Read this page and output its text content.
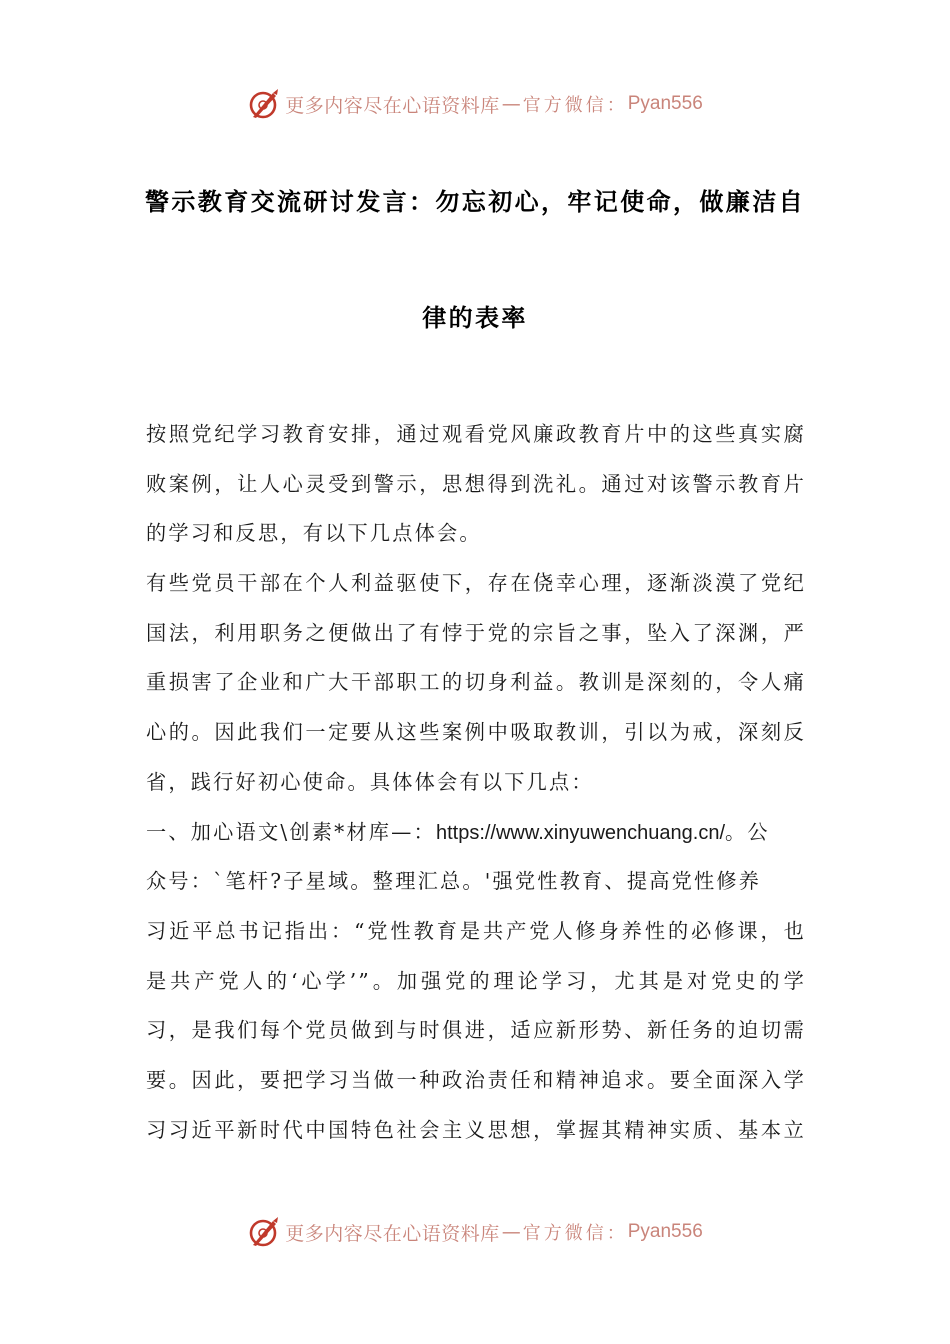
更多内容尽在心语资料库 — 官方微信： Pyan556
警示教育交流研讨发言：勿忘初心，牢记使命，做廉洁自
律的表率
按照党纪学习教育安排，通过观看党风廉政教育片中的这些真实腐
败案例，让人心灵受到警示，思想得到洗礼。通过对该警示教育片
的学习和反思，有以下几点体会。
有些党员干部在个人利益驱使下，存在侥幸心理，逐渐淡漠了党纪
国法，利用职务之便做出了有悖于党的宗旨之事，坠入了深渊，严
重损害了企业和广大干部职工的切身利益。教训是深刻的，令人痛
心的。因此我们一定要从这些案例中吸取教训，引以为戒，深刻反
省，践行好初心使命。具体体会有以下几点：
一、加心语文\创素*材库—：https://www.xinyuwenchuang.cn/。公
众号：`笔杆?子星域。整理汇总。'强党性教育、提高党性修养
习近平总书记指出：“党性教育是共产党人修身养性的必修课，也
是共产党人的‘心学’”。加强党的理论学习，尤其是对党史的学
习，是我们每个党员做到与时俱进，适应新形势、新任务的迫切需
要。因此，要把学习当做一种政治责任和精神追求。要全面深入学
习习近平新时代中国特色社会主义思想，掌握其精神实质、基本立
更多内容尽在心语资料库 — 官方微信： Pyan556
